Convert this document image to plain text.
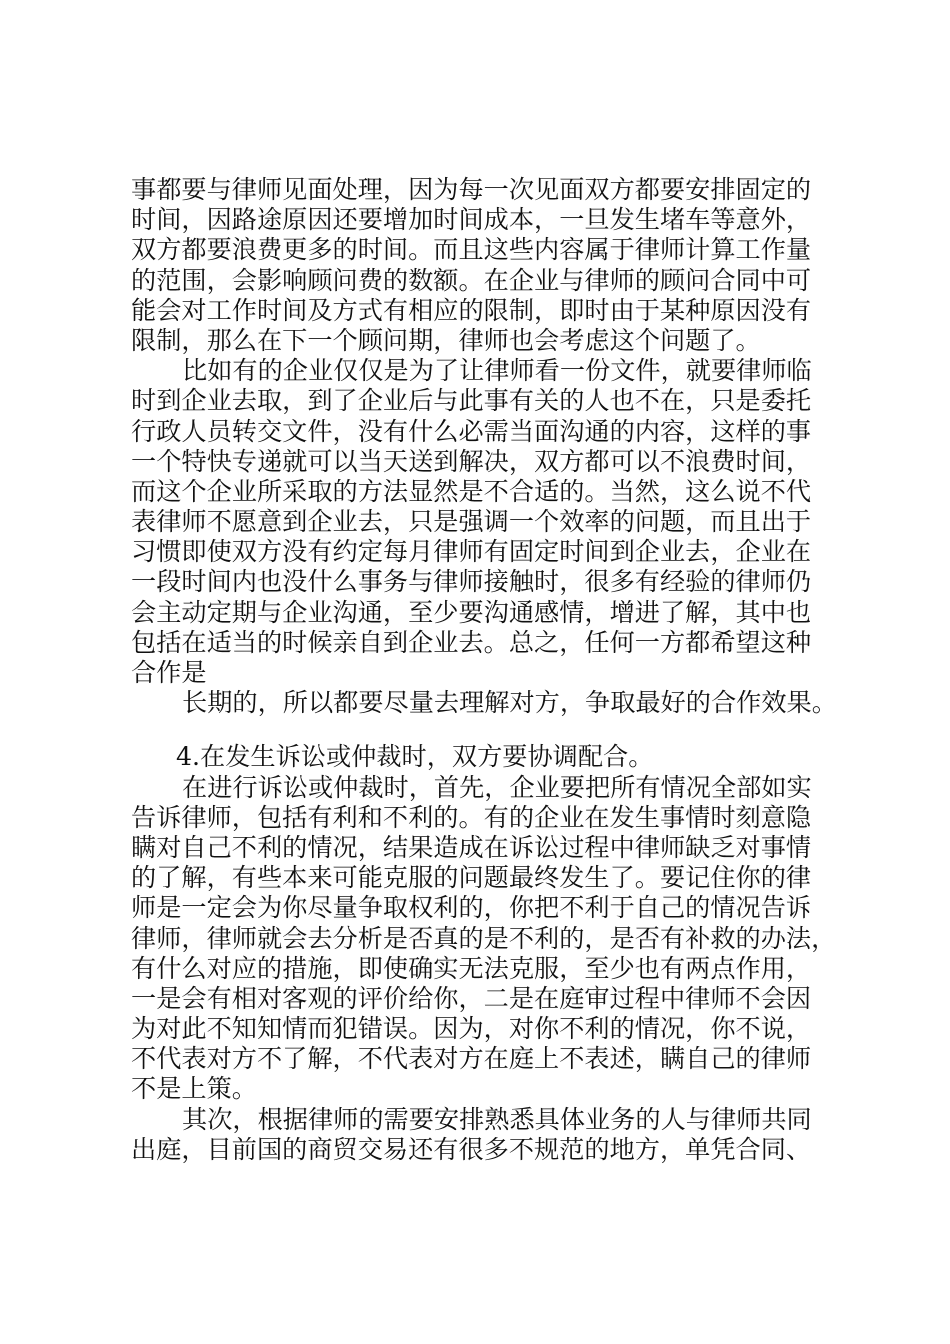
事都要与律师见面处理，因为每一次见面双方都要安排固定的
时间，因路途原因还要增加时间成本，一旦发生堵车等意外，
双方都要浪费更多的时间。而且这些内容属于律师计算工作量
的范围，会影响顾问费的数额。在企业与律师的顾问合同中可
能会对工作时间及方式有相应的限制，即时由于某种原因没有
限制，那么在下一个顾问期，律师也会考虑这个问题了。
比如有的企业仅仅是为了让律师看一份文件，就要律师临
时到企业去取，到了企业后与此事有关的人也不在，只是委托
行政人员转交文件，没有什么必需当面沟通的内容，这样的事
一个特快专递就可以当天送到解决，双方都可以不浪费时间，
而这个企业所采取的方法显然是不合适的。当然，这么说不代
表律师不愿意到企业去，只是强调一个效率的问题，而且出于
习惯即使双方没有约定每月律师有固定时间到企业去，企业在
一段时间内也没什么事务与律师接触时，很多有经验的律师仍
会主动定期与企业沟通，至少要沟通感情，增进了解，其中也
包括在适当的时候亲自到企业去。总之，任何一方都希望这种
合作是
长期的，所以都要尽量去理解对方，争取最好的合作效果。
4.在发生诉讼或仲裁时，双方要协调配合。
在进行诉讼或仲裁时，首先，企业要把所有情况全部如实
告诉律师，包括有利和不利的。有的企业在发生事情时刻意隐
瞒对自己不利的情况，结果造成在诉讼过程中律师缺乏对事情
的了解，有些本来可能克服的问题最终发生了。要记住你的律
师是一定会为你尽量争取权利的，你把不利于自己的情况告诉
律师，律师就会去分析是否真的是不利的，是否有补救的办法，
有什么对应的措施，即使确实无法克服，至少也有两点作用，
一是会有相对客观的评价给你，二是在庭审过程中律师不会因
为对此不知知情而犯错误。因为，对你不利的情况，你不说，
不代表对方不了解，不代表对方在庭上不表述，瞒自己的律师
不是上策。
其次，根据律师的需要安排熟悉具体业务的人与律师共同
出庭，目前国的商贸交易还有很多不规范的地方，单凭合同、
